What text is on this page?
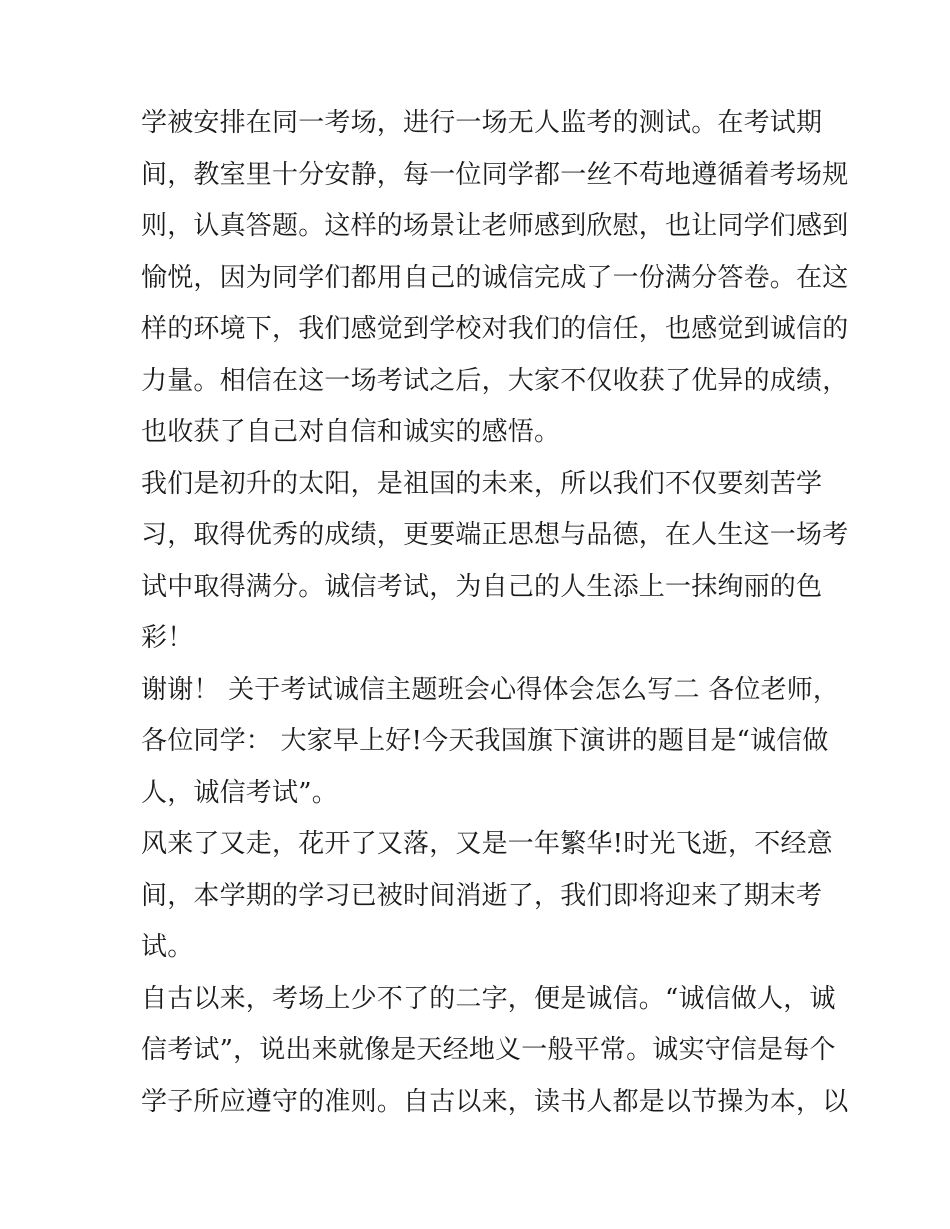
学被安排在同一考场，进行一场无人监考的测试。在考试期
间，教室里十分安静，每一位同学都一丝不苟地遵循着考场规
则，认真答题。这样的场景让老师感到欣慰，也让同学们感到
愉悦，因为同学们都用自己的诚信完成了一份满分答卷。在这
样的环境下，我们感觉到学校对我们的信任，也感觉到诚信的
力量。相信在这一场考试之后，大家不仅收获了优异的成绩，
也收获了自己对自信和诚实的感悟。
我们是初升的太阳，是祖国的未来，所以我们不仅要刻苦学
习，取得优秀的成绩，更要端正思想与品德，在人生这一场考
试中取得满分。诚信考试，为自己的人生添上一抹绚丽的色
彩！
谢谢！ 关于考试诚信主题班会心得体会怎么写二 各位老师，
各位同学： 大家早上好!今天我国旗下演讲的题目是“诚信做
人，诚信考试”。
风来了又走，花开了又落，又是一年繁华!时光飞逝，不经意
间，本学期的学习已被时间消逝了，我们即将迎来了期末考
试。
自古以来，考场上少不了的二字，便是诚信。“诚信做人，诚
信考试”，说出来就像是天经地义一般平常。诚实守信是每个
学子所应遵守的准则。自古以来，读书人都是以节操为本，以
